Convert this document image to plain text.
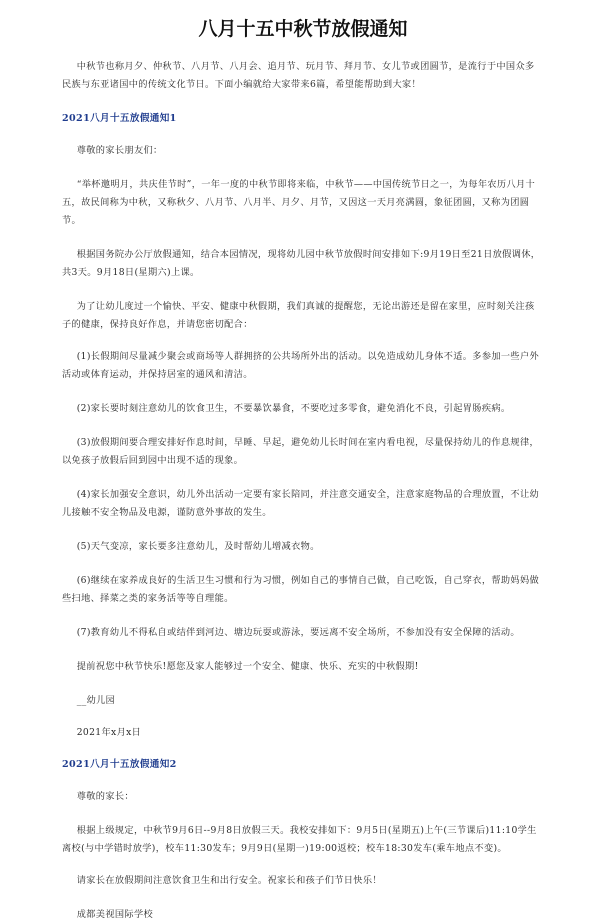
八月十五中秋节放假通知

中秋节也称月夕、仲秋节、八月节、八月会、追月节、玩月节、拜月节、女儿节或团圆节，是流行于中国众多民族与东亚诸国中的传统文化节日。下面小编就给大家带来6篇，希望能帮助到大家！

2021八月十五放假通知1

尊敬的家长朋友们：

“举杯邀明月，共庆佳节时”，一年一度的中秋节即将来临，中秋节——中国传统节日之一，为每年农历八月十五，故民间称为中秋，又称秋夕、八月节、八月半、月夕、月节，又因这一天月亮满圆，象征团圆，又称为团圆节。

根据国务院办公厅放假通知，结合本园情况，现将幼儿园中秋节放假时间安排如下:9月19日至21日放假调休，共3天。9月18日(星期六)上课。

为了让幼儿度过一个愉快、平安、健康中秋假期，我们真诚的提醒您，无论出游还是留在家里，应时刻关注孩子的健康，保持良好作息，并请您密切配合：

(1)长假期间尽量减少聚会或商场等人群拥挤的公共场所外出的活动。以免造成幼儿身体不适。多参加一些户外活动或体育运动，并保持居室的通风和清洁。

(2)家长要时刻注意幼儿的饮食卫生，不要暴饮暴食，不要吃过多零食，避免消化不良，引起胃肠疾病。

(3)放假期间要合理安排好作息时间，早睡、早起，避免幼儿长时间在室内看电视，尽量保持幼儿的作息规律，以免孩子放假后回到园中出现不适的现象。

(4)家长加强安全意识，幼儿外出活动一定要有家长陪同，并注意交通安全，注意家庭物品的合理放置，不让幼儿接触不安全物品及电源，谨防意外事故的发生。

(5)天气变凉，家长要多注意幼儿，及时帮幼儿增减衣物。

(6)继续在家养成良好的生活卫生习惯和行为习惯，例如自己的事情自己做，自己吃饭，自己穿衣，帮助妈妈做些扫地、择菜之类的家务活等等自理能。

(7)教育幼儿不得私自或结伴到河边、塘边玩耍或游泳，要远离不安全场所，不参加没有安全保障的活动。

提前祝您中秋节快乐!愿您及家人能够过一个安全、健康、快乐、充实的中秋假期!

__幼儿园

2021年x月x日

2021八月十五放假通知2

尊敬的家长：

根据上级规定，中秋节9月6日--9月8日放假三天。我校安排如下：9月5日(星期五)上午(三节课后)11:10学生离校(与中学错时放学)，校车11:30发车；9月9日(星期一)19:00返校；校车18:30发车(乘车地点不变)。

请家长在放假期间注意饮食卫生和出行安全。祝家长和孩子们节日快乐！

成都美视国际学校
